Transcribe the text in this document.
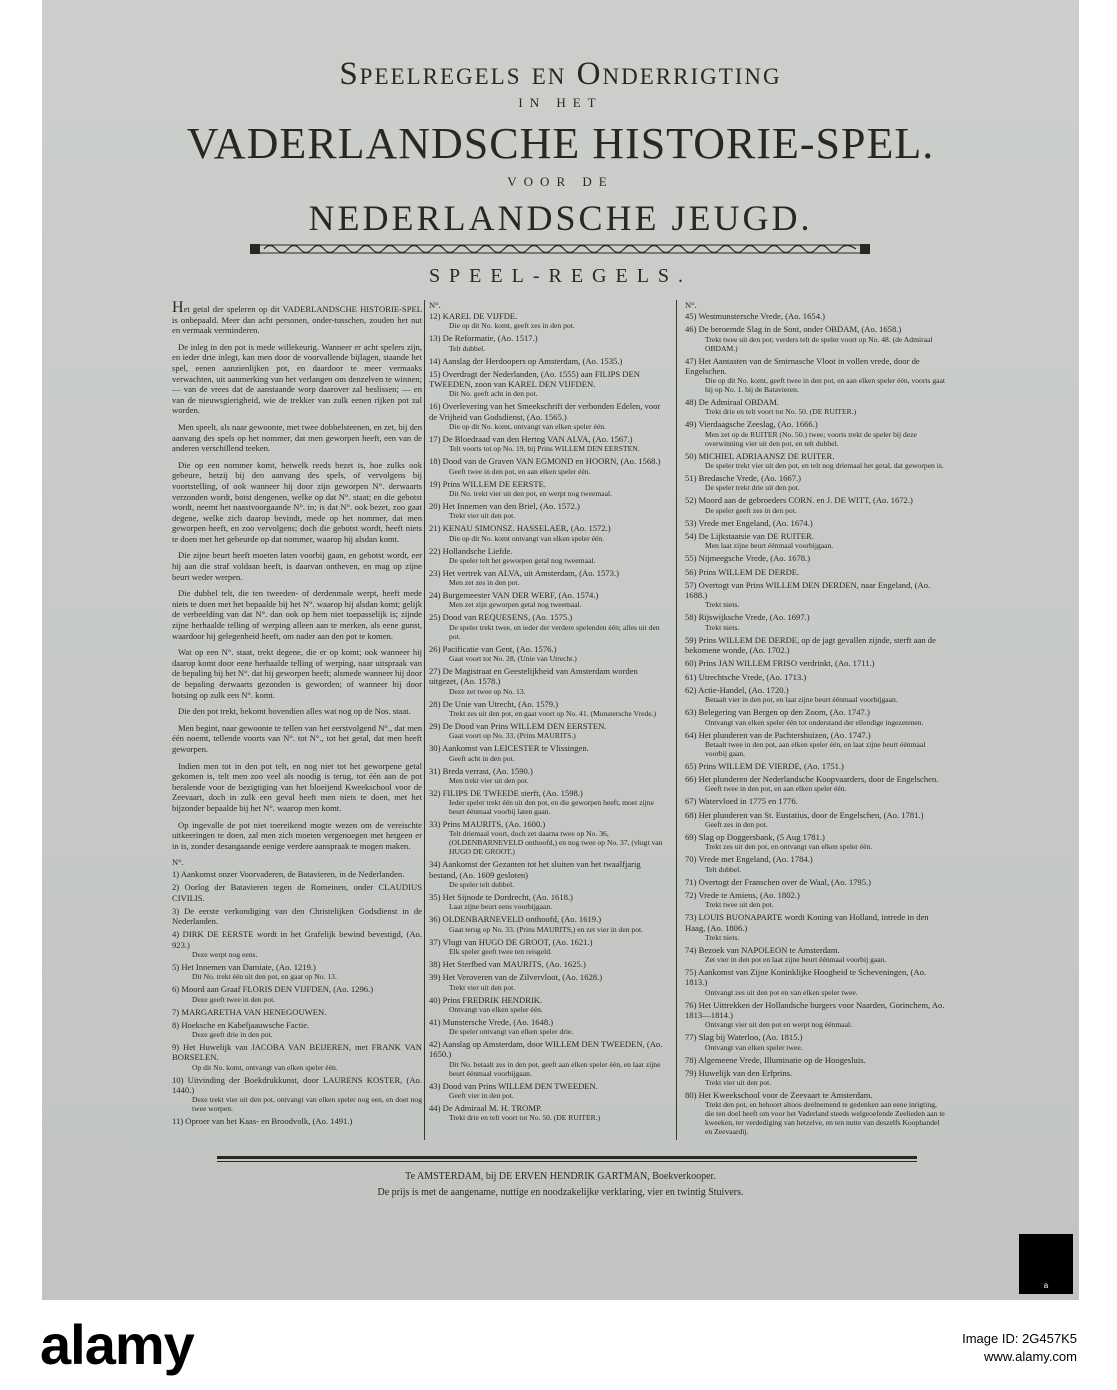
Speelregels en Onderrigting
IN HET
VADERLANDSCHE HISTORIE-SPEL.
VOOR DE
NEDERLANDSCHE JEUGD.
SPEEL-REGELS.

Het getal der speleren op dit VADERLANDSCHE HISTORIE-SPEL is onbepaald. Meer dan acht personen, onder-tusschen, zouden het nut en vermaak verminderen.

De inleg in den pot is mede willekeurig. Wanneer er acht spelers zijn, en ieder drie inlegt, kan men door de voorvallende bijlagen, staande het spel, eenen aanzienlijken pot, en daardoor te meer vermaaks verwachten, uit aanmerking van het verlangen om denzelven te winnen; — van de vrees dat de aanstaande worp daarover zal beslissen; — en van de nieuwsgierigheid, wie de trekker van zulk eenen rijken pot zal worden.

Men speelt, als naar gewoonte, met twee dobbelsteenen, en zet, bij den aanvang des spels op het nommer, dat men geworpen heeft, een van de anderen verschillend teeken.

Die op een nommer komt, hetwelk reeds bezet is, hoe zulks ook gebeure, hetzij bij den aanvang des spels, of vervolgens bij voortstelling, of ook wanneer hij door zijn geworpen N°. derwaarts verzonden wordt, botst dengenen, welke op dat N°. staat; en die gebotst wordt, neemt het naastvoorgaande N°. in; is dat N°. ook bezet, zoo gaat degene, welke zich daarop bevindt, mede op het nommer, dat men geworpen heeft, en zoo vervolgens; doch die gebotst wordt, heeft niets te doen met het gebeurde op dat nommer, waarop hij alsdan komt.

Die zijne beurt heeft moeten laten voorbij gaan, en gebotst wordt, eer hij aan die straf voldaan heeft, is daarvan ontheven, en mag op zijne beurt weder werpen.

Die dubbel telt, die ten tweeden- of derdenmale werpt, heeft mede niets te doen met het bepaalde bij het N°. waarop hij alsdan komt; gelijk de verbeelding van dat N°. dan ook op hem niet toepasselijk is; zijnde zijne herhaalde telling of werping alleen aan te merken, als eene gunst, waardoor hij gelegenheid heeft, om nader aan den pot te komen.

Wat op een N°. staat, trekt degene, die er op komt; ook wanneer hij daarop komt door eene herhaalde telling of werping, naar uitspraak van de bepaling bij het N°. dat hij geworpen heeft; alsmede wanneer hij door de bepaling derwaarts gezonden is geworden; of wanneer hij door botsing op zulk een N°. komt.

Die den pot trekt, bekomt bovendien alles wat nog op de Nos. staat.

Men begint, naar gewoonte te tellen van het eerstvolgend N°., dat men één noemt, tellende voorts van N°. tot N°., tot het getal, dat men heeft geworpen.

Indien men tot in den pot telt, en nog niet tot het geworpene getal gekomen is, telt men zoo veel als noodig is terug, tot één aan de pot beralende voor de bezigtiging van het bloeijend Kweekschool voor de Zeevaart, doch in zulk een geval heeft men niets te doen, met het bijzonder bepaalde bij het N°. waarop men komt.

Op ingevalle de pot niet toereikend mogte wezen om de vereischte uitkeeringen te doen, zal men zich moeten vergenoegen met hetgeen er in is, zonder desangaande eenige verdere aanspraak te mogen maken.

N°.
1) Aankomst onzer Voorvaderen, de Batavieren, in de Nederlanden.
2) Oorlog der Batavieren tegen de Romeinen, onder CLAUDIUS CIVILIS.
3) De eerste verkondiging van den Christelijken Godsdienst in de Nederlanden.
4) DIRK DE EERSTE wordt in het Grafelijk bewind bevestigd, (Ao. 923.)
Deze werpt nog eens.
5) Het Innemen van Damiate, (Ao. 1219.)
Dit No. trekt één uit den pot, en gaat op No. 13.
6) Moord aan Graaf FLORIS DEN VIJFDEN, (Ao. 1296.)
Deze geeft twee in den pot.
7) MARGARETHA VAN HENEGOUWEN.
8) Hoeksche en Kabeljaauwsche Factie.
Deze geeft drie in den pot.
9) Het Huwelijk van JACOBA VAN BEIJEREN, met FRANK VAN BORSELEN.
Op dit No. komt, ontvangt van elken speler één.
10) Uitvinding der Boekdrukkunst, door LAURENS KOSTER, (Ao. 1440.)
Deze trekt vier uit den pot, ontvangt van elken speler nog een, en doet nog twee worpen.
11) Oproer van het Kaas- en Broodvolk, (Ao. 1491.)
N°.
12) KAREL DE VIJFDE.
Die op dit No. komt, geeft zes in den pot.
13) De Reformatie, (Ao. 1517.)
Telt dubbel.
14) Aanslag der Herdoopers op Amsterdam, (Ao. 1535.)
15) Overdragt der Nederlanden, (Ao. 1555) aan FILIPS DEN TWEEDEN, zoon van KAREL DEN VIJFDEN.
Dit No. geeft acht in den pot.
16) Overlevering van het Smeekschrift der verbonden Edelen, voor de Vrijheid van Godsdienst, (Ao. 1565.)
Die op dit No. komt, ontvangt van elken speler één.
17) De Bloedraad van den Hertog VAN ALVA, (Ao. 1567.)
Telt voorts tot op No. 19, bij Prins WILLEM DEN EERSTEN.
18) Dood van de Graven VAN EGMOND en HOORN, (Ao. 1568.)
Geeft twee in den pot, en aan elken speler één.
19) Prins WILLEM DE EERSTE.
Dit No. trekt vier uit den pot, en werpt nog tweemaal.
20) Het Innemen van den Briel, (Ao. 1572.)
Trekt vier uit den pot.
21) KENAU SIMONSZ. HASSELAER, (Ao. 1572.)
Die op dit No. komt ontvangt van elken speler één.
22) Hollandsche Liefde.
De speler telt het geworpen getal nog tweemaal.
23) Het vertrek van ALVA, uit Amsterdam, (Ao. 1573.)
Men zet zes in den pot.
24) Burgemeester VAN DER WERF, (Ao. 1574.)
Men zet zijn geworpen getal nog tweemaal.
25) Dood van REQUESENS, (Ao. 1575.)
De speler trekt twee, en ieder der verdere spelenden één; alles uit den pot.
26) Pacificatie van Gent, (Ao. 1576.)
Gaat voort tot No. 28, (Unie van Utrecht.)
27) De Magistraat en Geestelijkheid van Amsterdam worden uitgezet, (Ao. 1578.)
Deze zet twee op No. 13.
28) De Unie van Utrecht, (Ao. 1579.)
Trekt zes uit den pot, en gaat voort op No. 41. (Munstersche Vrede.)
29) De Dood van Prins WILLEM DEN EERSTEN.
Gaat voort op No. 33, (Prins MAURITS.)
30) Aankomst van LEICESTER te Vlissingen.
Geeft acht in den pot.
31) Breda verrast, (Ao. 1590.)
Men trekt vier uit den pot.
32) FILIPS DE TWEEDE sterft, (Ao. 1598.)
Ieder speler trekt één uit den pot, en die geworpen heeft, moet zijne beurt éénmaal voorbij laten gaan.
33) Prins MAURITS, (Ao. 1600.)
Telt driemaal voort, doch zet daarna twee op No. 36, (OLDENBARNEVELD onthoofd,) en nog twee op No. 37, (vlugt van HUGO DE GROOT.)
34) Aankomst der Gezanten tot het sluiten van het twaalfjarig bestand, (Ao. 1609 gesloten)
De speler telt dubbel.
35) Het Sijnode te Dordrecht, (Ao. 1618.)
Laat zijne beurt eens voorbijgaan.
36) OLDENBARNEVELD onthoofd, (Ao. 1619.)
Gaat terug op No. 33. (Prins MAURITS,) en zet vier in den pot.
37) Vlugt van HUGO DE GROOT, (Ao. 1621.)
Elk speler geeft twee ten reisgeld.
38) Het Sterfbed van MAURITS, (Ao. 1625.)
39) Het Veroveren van de Zilvervloot, (Ao. 1628.)
Trekt vier uit den pot.
40) Prins FREDRIK HENDRIK.
Ontvangt van elken speler één.
41) Munstersche Vrede, (Ao. 1648.)
De speler ontvangt van elken speler drie.
42) Aanslag op Amsterdam, door WILLEM DEN TWEEDEN, (Ao. 1650.)
Dit No. betaalt zes in den pot, geeft aan elken speler één, en laat zijne beurt éénmaal voorbijgaan.
43) Dood van Prins WILLEM DEN TWEEDEN.
Geeft vier in den pot.
44) De Admiraal M. H. TROMP.
Trekt drie en telt voort tot No. 50. (DE RUITER.)
N°.
45) Westmunstersche Vrede, (Ao. 1654.)
46) De beroemde Slag in de Sont, onder OBDAM, (Ao. 1658.)
Trekt twee uit den pot; verders telt de speler voort op No. 48. (de Admiraal OBDAM.)
47) Het Aantasten van de Smirnasche Vloot in vollen vrede, door de Engelschen.
Die op dit No. komt, geeft twee in den pot, en aan elken speler één, voorts gaat hij op No. 1. bij de Batavieren.
48) De Admiraal OBDAM.
Trekt drie en telt voort tot No. 50. (DE RUITER.)
49) Vierdaagsche Zeeslag, (Ao. 1666.)
Men zet op de RUITER (No. 50.) twee; voorts trekt de speler bij deze overwinning vier uit den pot, en telt dubbel.
50) MICHIEL ADRIAANSZ DE RUITER.
De speler trekt vier uit den pot, en telt nog driemaal het getal, dat geworpen is.
51) Bredasche Vrede, (Ao. 1667.)
De speler trekt drie uit den pot.
52) Moord aan de gebroeders CORN. en J. DE WITT, (Ao. 1672.)
De speler geeft zes in den pot.
53) Vrede met Engeland, (Ao. 1674.)
54) De Lijkstaatsie van DE RUITER.
Men laat zijne beurt éénmaal voorbijgaan.
55) Nijmeegsche Vrede, (Ao. 1678.)
56) Prins WILLEM DE DERDE.
57) Overtogt van Prins WILLEM DEN DERDEN, naar Engeland, (Ao. 1688.)
Trekt niets.
58) Rijswijksche Vrede, (Ao. 1697.)
Trekt niets.
59) Prins WILLEM DE DERDE, op de jagt gevallen zijnde, sterft aan de bekomene wonde, (Ao. 1702.)
60) Prins JAN WILLEM FRISO verdrinkt, (Ao. 1711.)
61) Utrechtsche Vrede, (Ao. 1713.)
62) Actie-Handel, (Ao. 1720.)
Betaalt vier in den pot, en laat zijne beurt éénmaal voorbijgaan.
63) Belegering van Bergen op den Zoom, (Ao. 1747.)
Ontvangt van elken speler één tot onderstand der ellendige ingezetenen.
64) Het plunderen van de Pachtershuizen, (Ao. 1747.)
Betaalt twee in den pot, aan elken speler één, en laat zijne beurt éénmaal voorbij gaan.
65) Prins WILLEM DE VIERDE, (Ao. 1751.)
66) Het plunderen der Nederlandsche Koopvaarders, door de Engelschen.
Geeft twee in den pot, en aan elken speler één.
67) Watervloed in 1775 en 1776.
68) Het plunderen van St. Eustatius, door de Engelschen, (Ao. 1781.)
Geeft zes in den pot.
69) Slag op Doggersbank, (5 Aug 1781.)
Trekt zes uit den pot, en ontvangt van elken speler één.
70) Vrede met Engeland, (Ao. 1784.)
Telt dubbel.
71) Overtogt der Franschen over de Waal, (Ao. 1795.)
72) Vrede te Amiens, (Ao. 1802.)
Trekt twee uit den pot.
73) LOUIS BUONAPARTE wordt Koning van Holland, intrede in den Haag, (Ao. 1806.)
Trekt niets.
74) Bezoek van NAPOLEON te Amsterdam.
Zet vier in den pot en laat zijne beurt éénmaal voorbij gaan.
75) Aankomst van Zijne Koninklijke Hoogheid te Scheveningen, (Ao. 1813.)
Ontvangt zes uit den pot en van elken speler twee.
76) Het Uittrekken der Hollandsche burgers voor Naarden, Gorinchem, Ao. 1813—1814.)
Ontvangt vier uit den pot en werpt nog éénmaal.
77) Slag bij Waterloo, (Ao. 1815.)
Ontvangt van elken speler twee.
78) Algemeene Vrede, Illuminatie op de Hoogesluis.
79) Huwelijk van den Erfprins.
Trekt vier uit den pot.
80) Het Kweekschool voor de Zeevaart te Amsterdam.
Trekt den pot, en behoort altoos deelnemend te gedenken aan eene inrigting, die ten doel heeft om voor het Vaderland steeds welgeoefende Zeelieden aan te kweeken, ter verdediging van hetzelve, en ten nutte van deszelfs Koophandel en Zeevaardij.
Te AMSTERDAM, bij DE ERVEN HENDRIK GARTMAN, Boekverkooper.
De prijs is met de aangename, nuttige en noodzakelijke verklaring, vier en twintig Stuivers.
a
alamy	Image ID: 2G457K5
www.alamy.com
